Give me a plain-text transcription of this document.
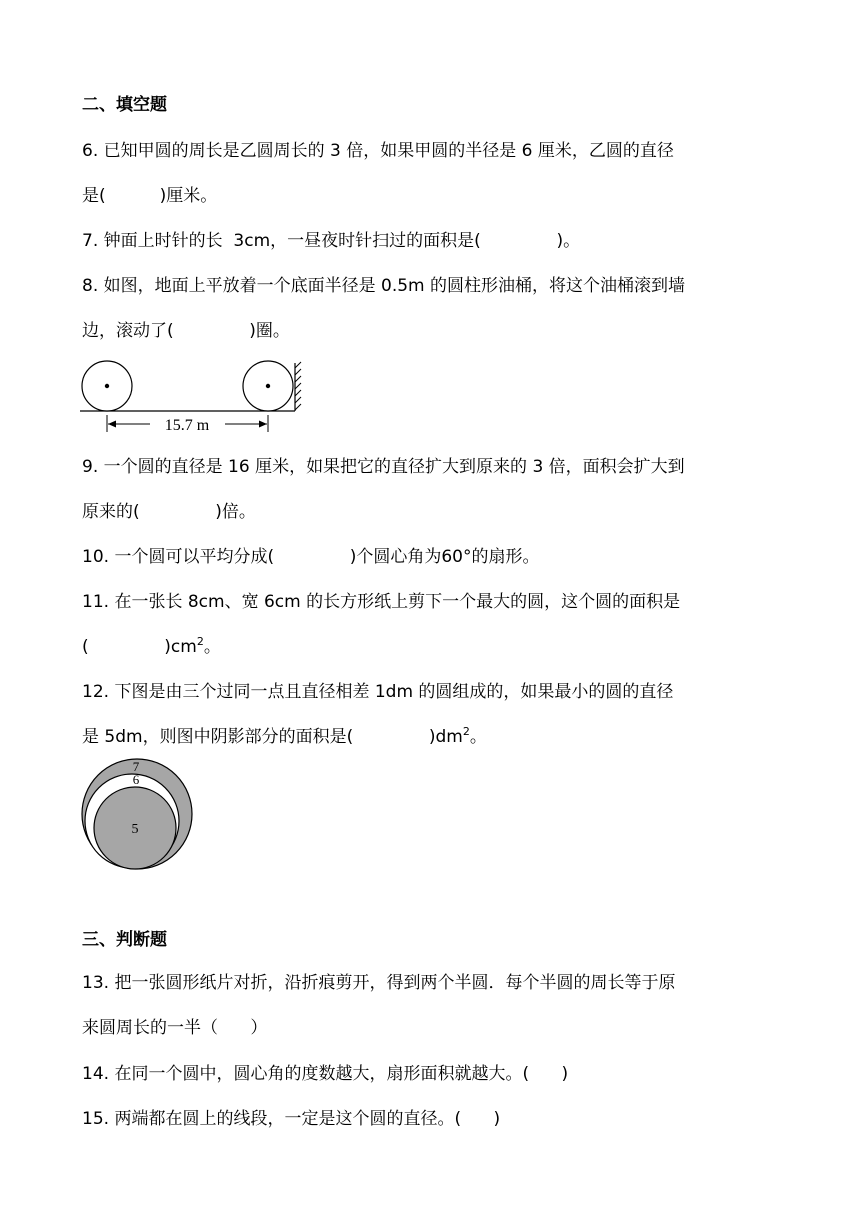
二、填空题
6. 已知甲圆的周长是乙圆周长的 3 倍，如果甲圆的半径是 6 厘米，乙圆的直径
是(          )厘米。
7. 钟面上时针的长  3cm，一昼夜时针扫过的面积是(              )。
8. 如图，地面上平放着一个底面半径是 0.5m 的圆柱形油桶，将这个油桶滚到墙
边，滚动了(              )圈。
15.7 m
9. 一个圆的直径是 16 厘米，如果把它的直径扩大到原来的 3 倍，面积会扩大到
原来的(              )倍。
10. 一个圆可以平均分成(              )个圆心角为60°的扇形。
11. 在一张长 8cm、宽 6cm 的长方形纸上剪下一个最大的圆，这个圆的面积是
(              )$cm^2$。
12. 下图是由三个过同一点且直径相差 1dm 的圆组成的，如果最小的圆的直径
是 5dm，则图中阴影部分的面积是(              )$dm^2$。
7
6
5
三、判断题
13. 把一张圆形纸片对折，沿折痕剪开，得到两个半圆．每个半圆的周长等于原
来圆周长的一半（      ）
14. 在同一个圆中，圆心角的度数越大，扇形面积就越大。(      )
15. 两端都在圆上的线段，一定是这个圆的直径。(      )
